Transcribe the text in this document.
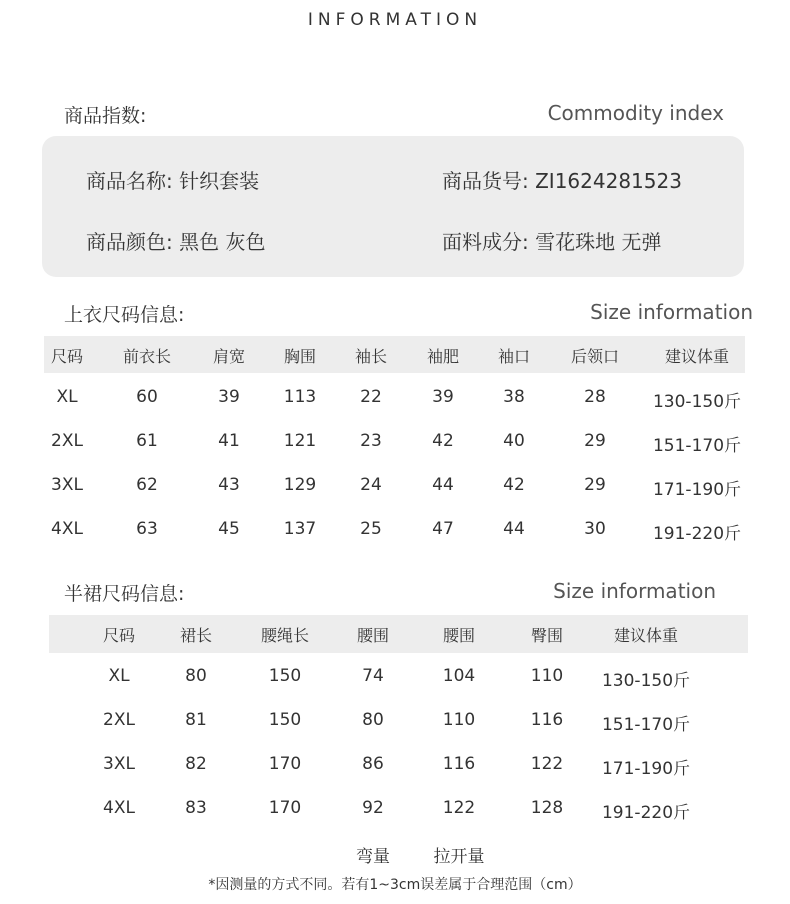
INFORMATION
商品指数:	Commodity index
商品名称: 针织套装	商品货号: ZI1624281523
商品颜色: 黑色 灰色	面料成分: 雪花珠地 无弹
上衣尺码信息:	Size information
尺码 前衣长	肩宽 胸围 袖长 袖肥 袖口	后领口	建议体重
XL	60	39	113	22	39	38	28	130-150斤
2XL	61	41	121	23	42	40	29	151-170斤
3XL	62	43	129	24	44	42	29	171-190斤
4XL	63	45	137	25	47	44	30	191-220斤
半裙尺码信息:	Size information
尺码	裙长	腰绳长	腰围	腰围	臀围	建议体重
XL	80	150	74	104	110 130-150斤
2XL	81	150	80	110	116 151-170斤
3XL	82	170	86	116	122 171-190斤
4XL	83	170	92	122	128 191-220斤
弯量	拉开量
*因测量的方式不同。若有1~3cm误差属于合理范围（cm）
